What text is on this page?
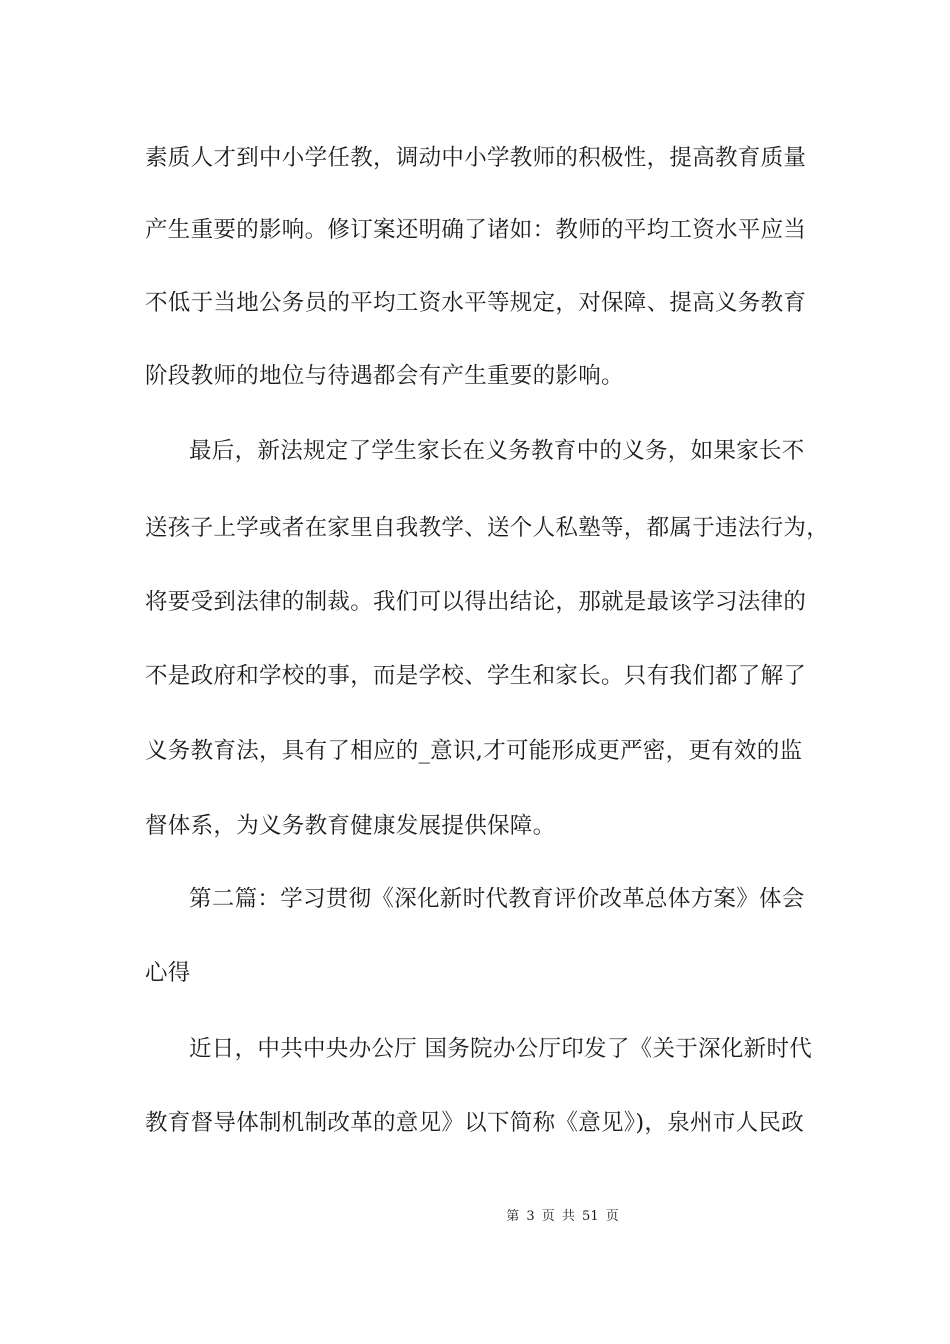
素质人才到中小学任教，调动中小学教师的积极性，提高教育质量
产生重要的影响。修订案还明确了诸如：教师的平均工资水平应当
不低于当地公务员的平均工资水平等规定，对保障、提高义务教育
阶段教师的地位与待遇都会有产生重要的影响。
最后，新法规定了学生家长在义务教育中的义务，如果家长不
送孩子上学或者在家里自我教学、送个人私塾等，都属于违法行为，
将要受到法律的制裁。我们可以得出结论，那就是最该学习法律的
不是政府和学校的事，而是学校、学生和家长。只有我们都了解了
义务教育法，具有了相应的_意识,才可能形成更严密，更有效的监
督体系，为义务教育健康发展提供保障。
第二篇：学习贯彻《深化新时代教育评价改革总体方案》体会
心得
近日，中共中央办公厅 国务院办公厅印发了《关于深化新时代
教育督导体制机制改革的意见》以下简称《意见》)，泉州市人民政
第 3 页 共 51 页
